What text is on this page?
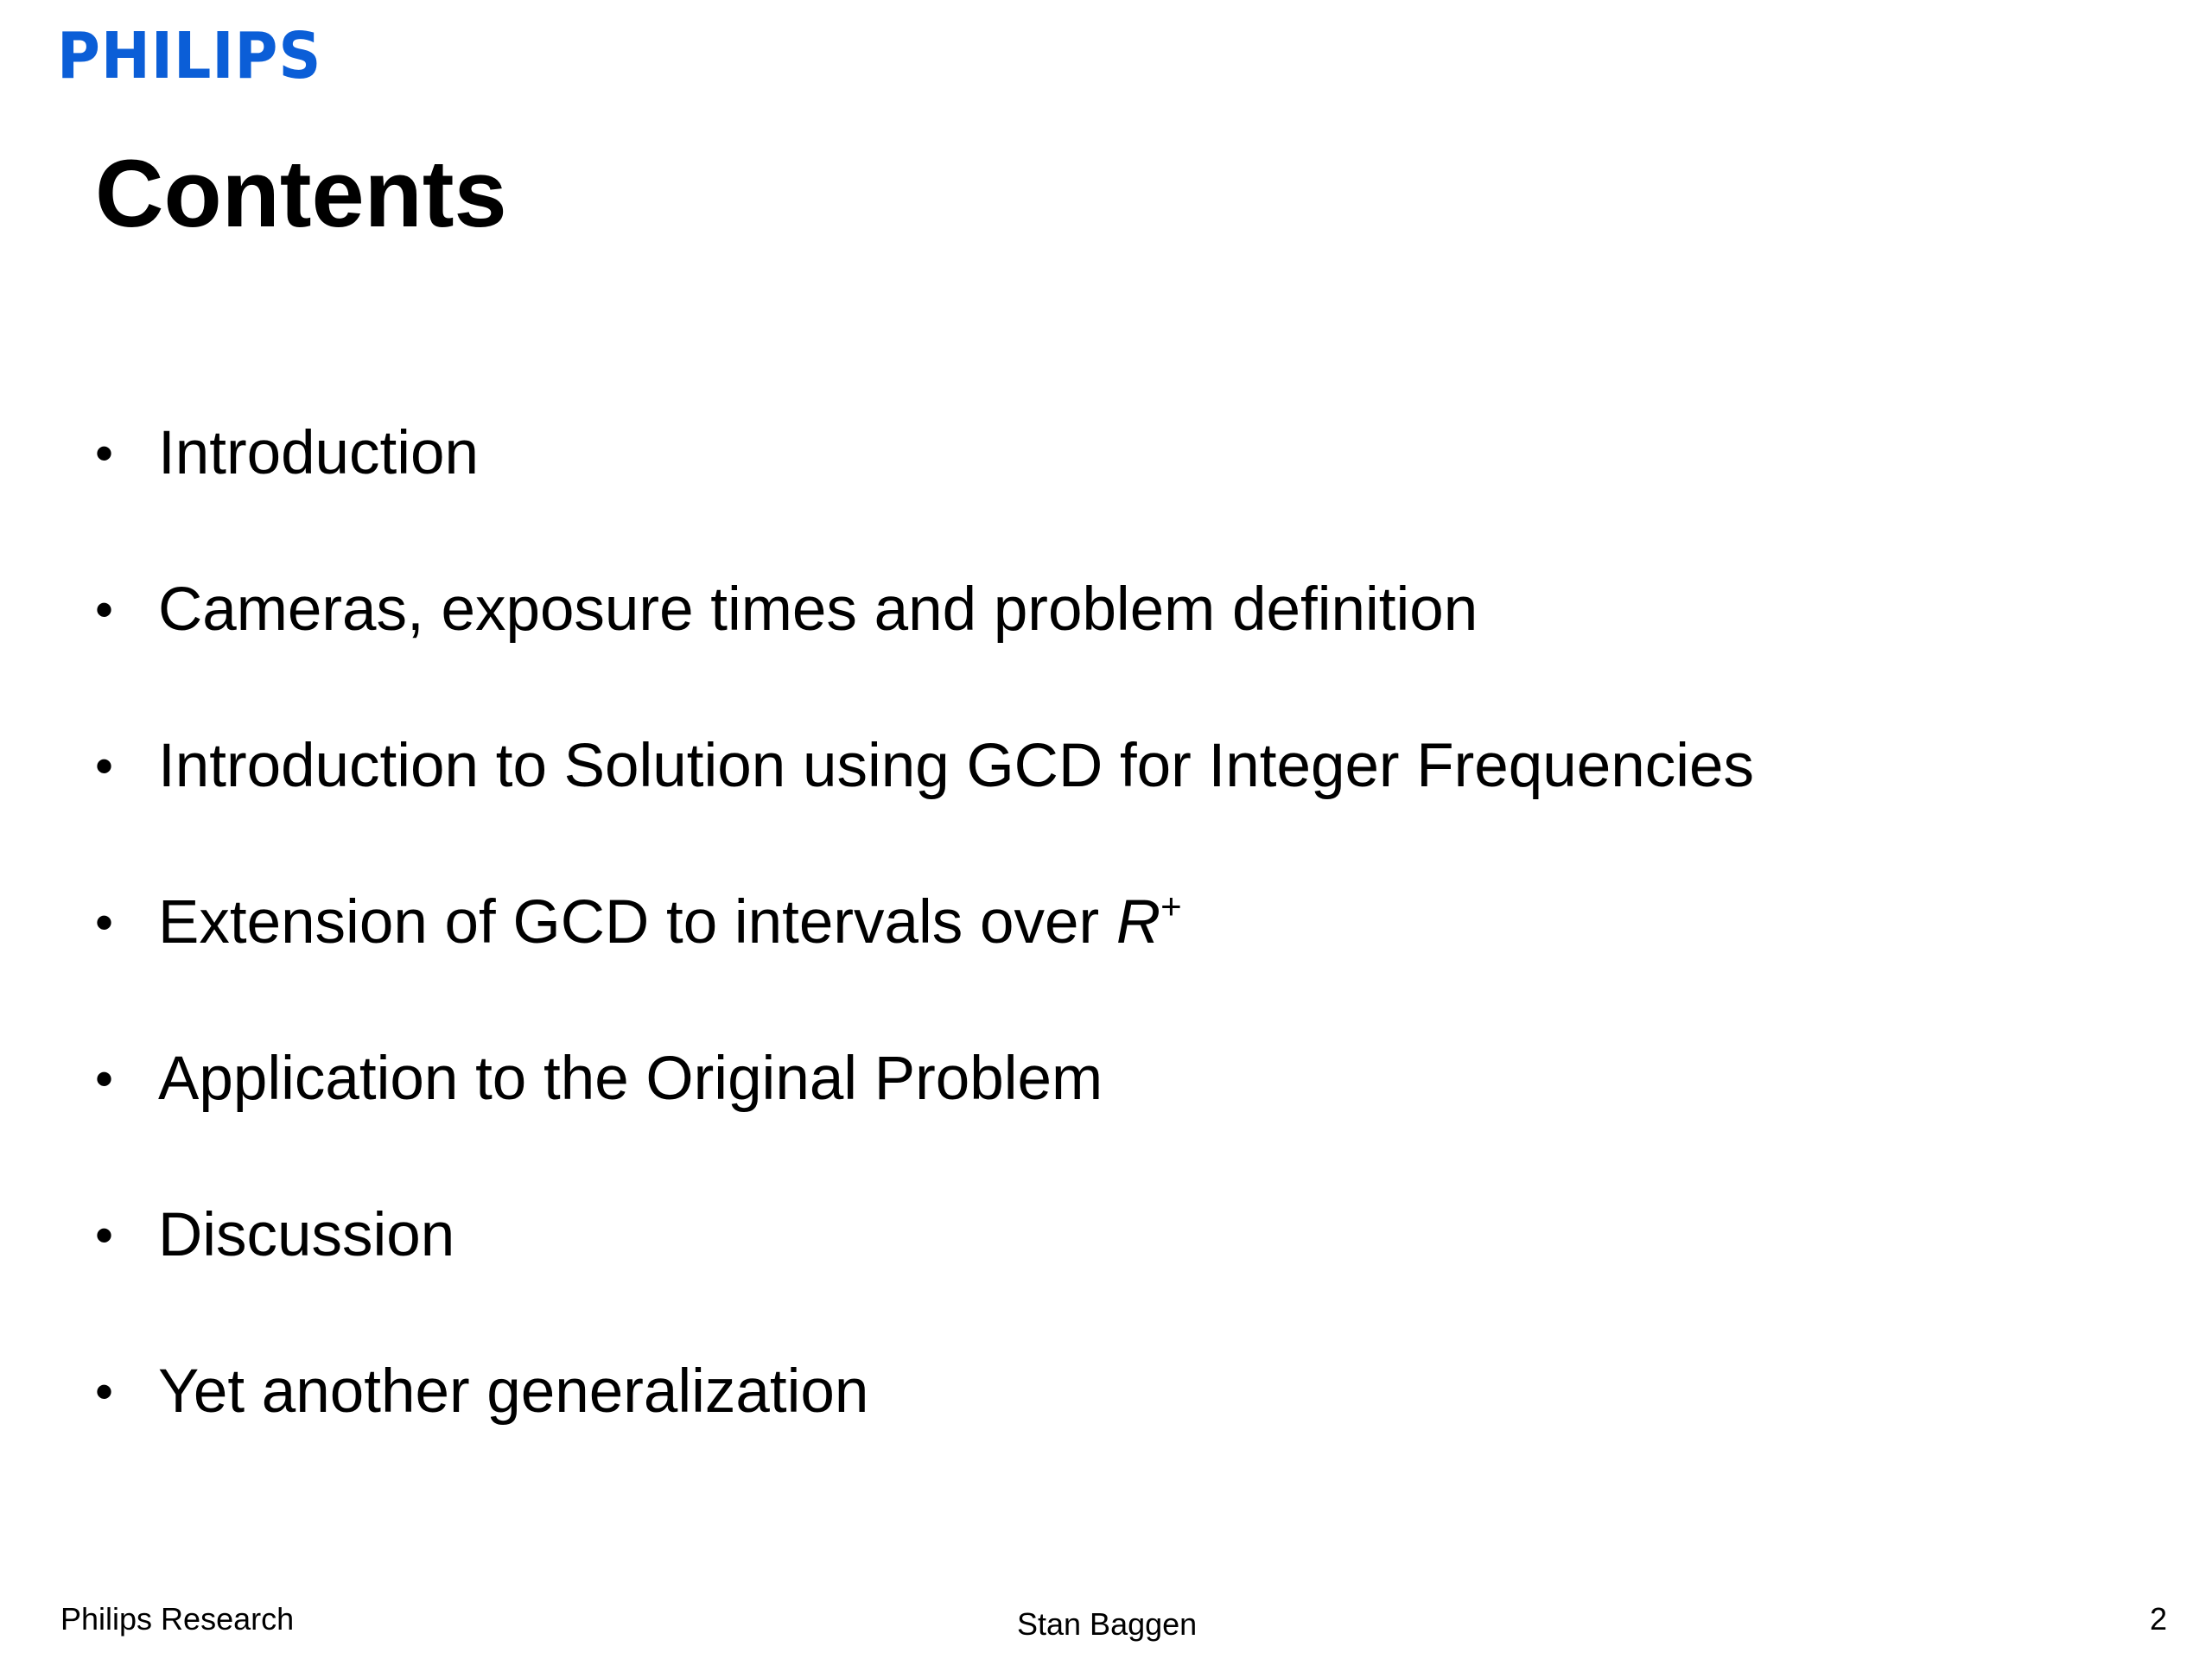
PHILIPS
Contents
• Introduction
• Cameras, exposure times and problem definition
• Introduction to Solution using GCD for Integer Frequencies
• Extension of GCD to intervals over R+
• Application to the Original Problem
• Discussion
• Yet another generalization
Philips Research	Stan Baggen	2
